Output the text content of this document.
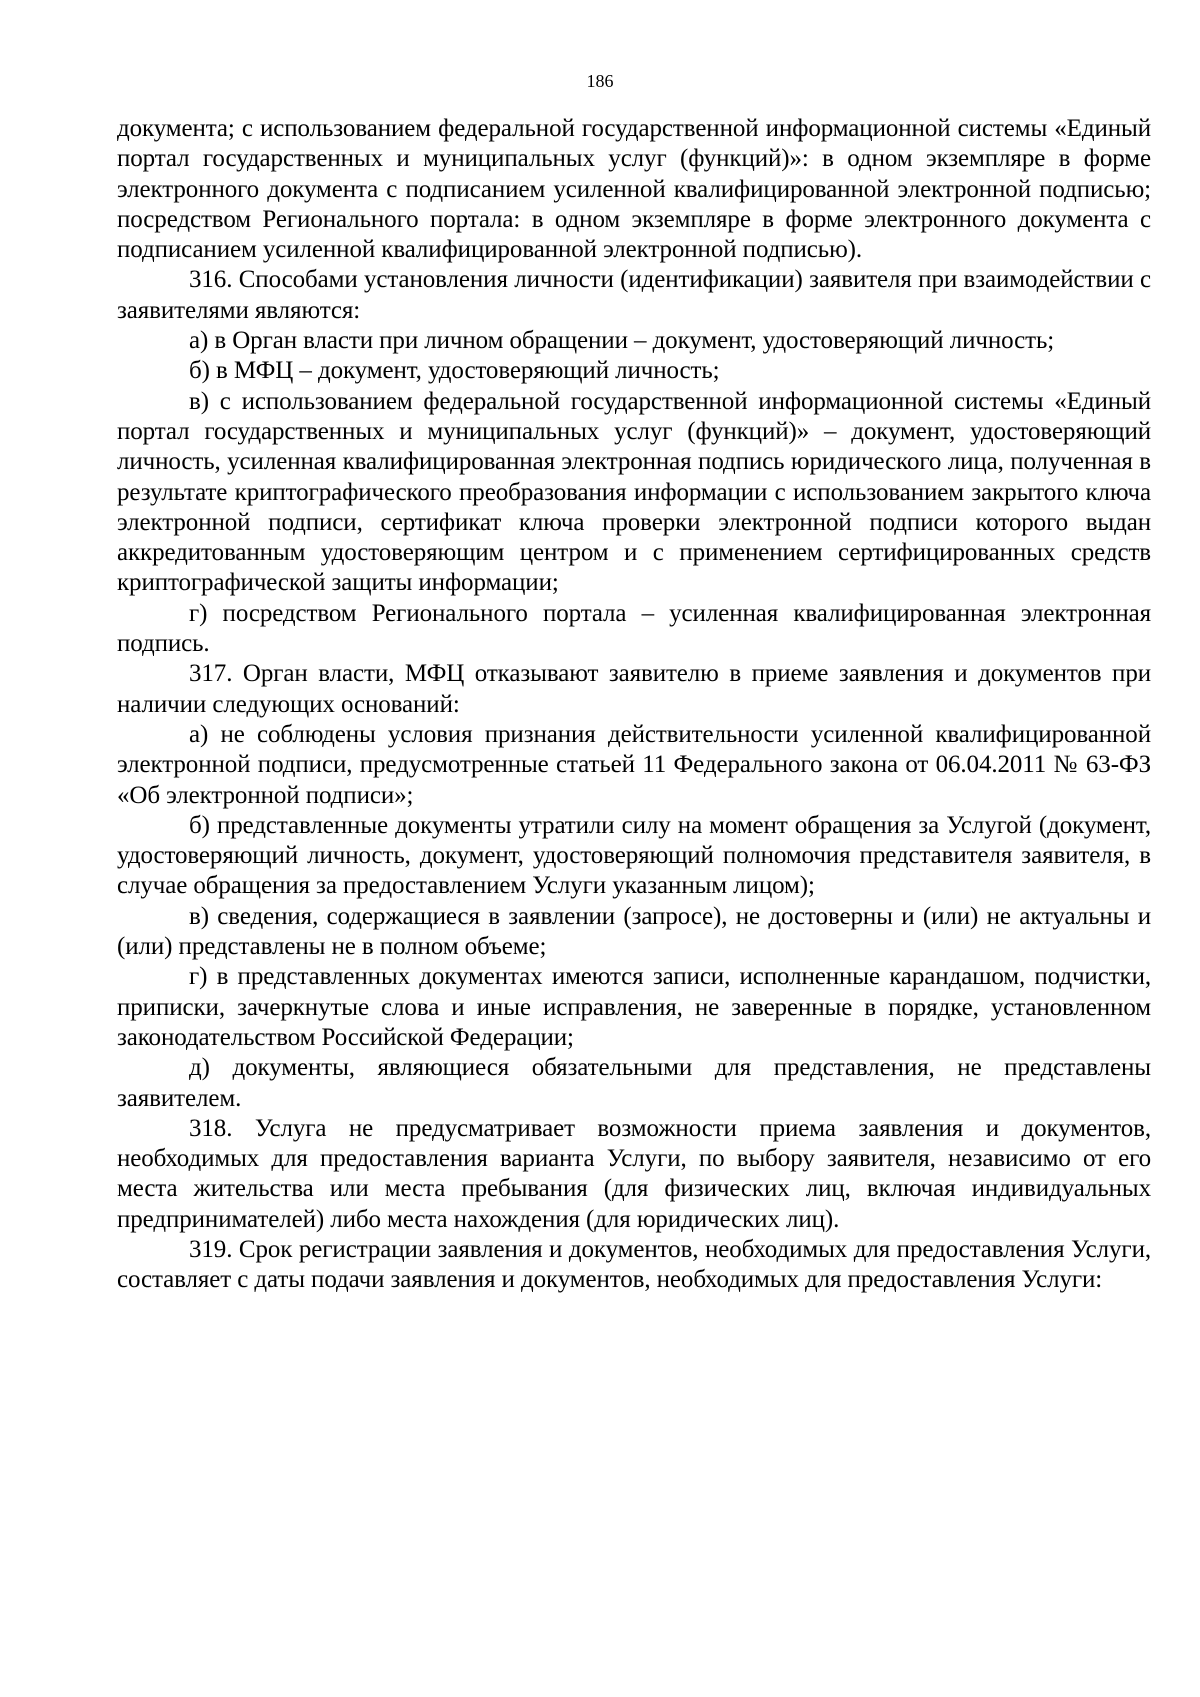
186

документа; с использованием федеральной государственной информационной системы «Единый портал государственных и муниципальных услуг (функций)»: в одном экземпляре в форме электронного документа с подписанием усиленной квалифицированной электронной подписью; посредством Регионального портала: в одном экземпляре в форме электронного документа с подписанием усиленной квалифицированной электронной подписью).

316. Способами установления личности (идентификации) заявителя при взаимодействии с заявителями являются:

а) в Орган власти при личном обращении – документ, удостоверяющий личность;

б) в МФЦ – документ, удостоверяющий личность;

в) с использованием федеральной государственной информационной системы «Единый портал государственных и муниципальных услуг (функций)» – документ, удостоверяющий личность, усиленная квалифицированная электронная подпись юридического лица, полученная в результате криптографического преобразования информации с использованием закрытого ключа электронной подписи, сертификат ключа проверки электронной подписи которого выдан аккредитованным удостоверяющим центром и с применением сертифицированных средств криптографической защиты информации;

г) посредством Регионального портала – усиленная квалифицированная электронная подпись.

317. Орган власти, МФЦ отказывают заявителю в приеме заявления и документов при наличии следующих оснований:

а) не соблюдены условия признания действительности усиленной квалифицированной электронной подписи, предусмотренные статьей 11 Федерального закона от 06.04.2011 № 63-ФЗ «Об электронной подписи»;

б) представленные документы утратили силу на момент обращения за Услугой (документ, удостоверяющий личность, документ, удостоверяющий полномочия представителя заявителя, в случае обращения за предоставлением Услуги указанным лицом);

в) сведения, содержащиеся в заявлении (запросе), не достоверны и (или) не актуальны и (или) представлены не в полном объеме;

г) в представленных документах имеются записи, исполненные карандашом, подчистки, приписки, зачеркнутые слова и иные исправления, не заверенные в порядке, установленном законодательством Российской Федерации;

д) документы, являющиеся обязательными для представления, не представлены заявителем.

318. Услуга не предусматривает возможности приема заявления и документов, необходимых для предоставления варианта Услуги, по выбору заявителя, независимо от его места жительства или места пребывания (для физических лиц, включая индивидуальных предпринимателей) либо места нахождения (для юридических лиц).

319. Срок регистрации заявления и документов, необходимых для предоставления Услуги, составляет с даты подачи заявления и документов, необходимых для предоставления Услуги:
